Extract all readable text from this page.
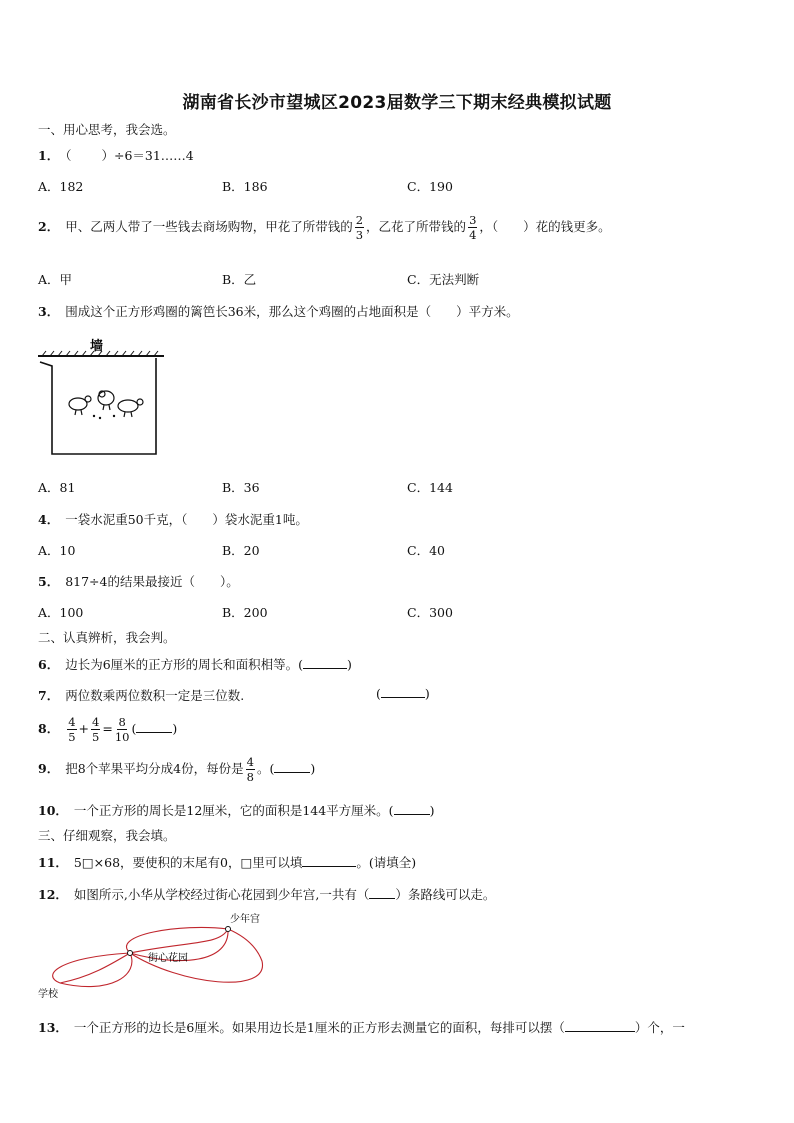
湖南省长沙市望城区2023届数学三下期末经典模拟试题
一、用心思考，我会选。
1． （ ）÷6＝31……4
A．182	B．186	C．190
2． 甲、乙两人带了一些钱去商场购物，甲花了所带钱的 $\frac{2}{3}$ ，乙花了所带钱的 $\frac{3}{4}$ ，（　　）花的钱更多。
A．甲	B．乙	C．无法判断
3． 围成这个正方形鸡圈的篱笆长36米，那么这个鸡圈的占地面积是（　　）平方米。
墙
A．81	B．36	C．144
4． 一袋水泥重50千克，（　　）袋水泥重1吨。
A．10	B．20	C．40
5． 817÷4的结果最接近（　　）。
A．100	B．200	C．300
二、认真辨析，我会判。
6． 边长为6厘米的正方形的周长和面积相等。(	)
7． 两位数乘两位数积一定是三位数.	(	)
8． $\frac{4}{5} + \frac{4}{5} = \frac{8}{10}$ (	)
9． 把8个苹果平均分成4份，每份是 $\frac{4}{8}$ 。(	)
10． 一个正方形的周长是12厘米，它的面积是144平方厘米。(	)
三、仔细观察，我会填。
11． 5□×68，要使积的末尾有0，□里可以填	。(请填全)
12． 如图所示,小华从学校经过街心花园到少年宫,一共有（ ）条路线可以走。
少年宫
街心花园
学校
13． 一个正方形的边长是6厘米。如果用边长是1厘米的正方形去测量它的面积，每排可以摆（	）个，一
